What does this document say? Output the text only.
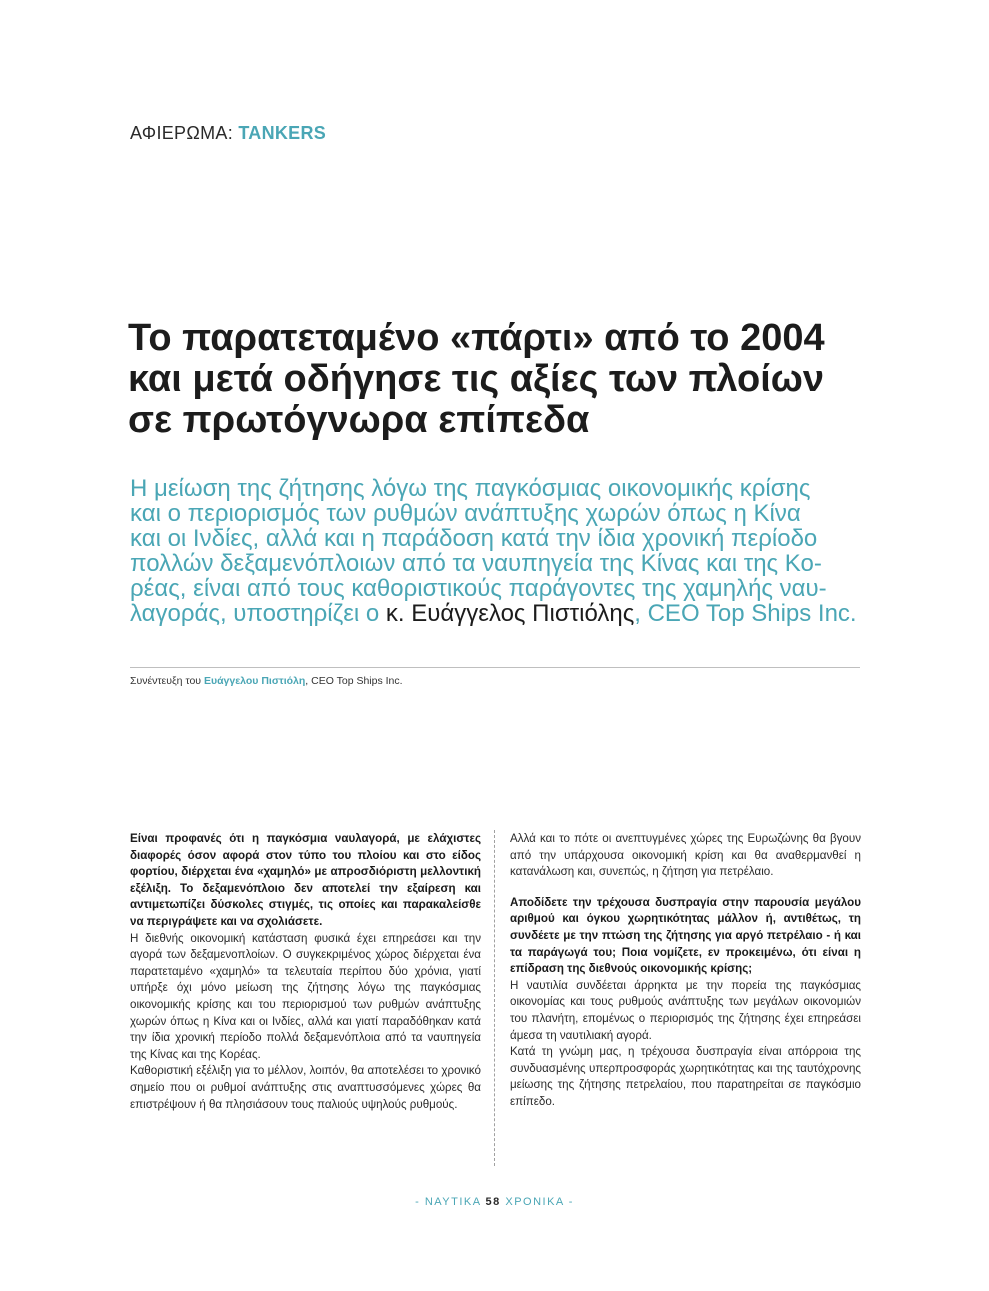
ΑΦΙΕΡΩΜΑ: TANKERS
Το παρατεταμένο «πάρτι» από το 2004
και μετά οδήγησε τις αξίες των πλοίων
σε πρωτόγνωρα επίπεδα
Η μείωση της ζήτησης λόγω της παγκόσμιας οικονομικής κρίσης
και ο περιορισμός των ρυθμών ανάπτυξης χωρών όπως η Κίνα
και οι Ινδίες, αλλά και η παράδοση κατά την ίδια χρονική περίοδο
πολλών δεξαμενόπλοιων από τα ναυπηγεία της Κίνας και της Κο-
ρέας, είναι από τους καθοριστικούς παράγοντες της χαμηλής ναυ-
λαγοράς, υποστηρίζει ο κ. Ευάγγελος Πιστιόλης, CEO Top Ships Inc.
Συνέντευξη του Ευάγγελου Πιστιόλη, CEO Top Ships Inc.

Είναι προφανές ότι η παγκόσμια ναυλαγορά, με ελάχιστες διαφορές όσον αφορά στον τύπο του πλοίου και στο είδος φορτίου, διέρχεται ένα «χαμηλό» με απροσδιόριστη μελλοντική εξέλιξη. Το δεξαμενόπλοιο δεν αποτελεί την εξαίρεση και αντιμετωπίζει δύσκολες στιγμές, τις οποίες και παρακαλείσθε να περιγράψετε και να σχολιάσετε.

Η διεθνής οικονομική κατάσταση φυσικά έχει επηρεάσει και την αγορά των δεξαμενοπλοίων. Ο συγκεκριμένος χώρος διέρχεται ένα παρατεταμένο «χαμηλό» τα τελευταία περίπου δύο χρόνια, γιατί υπήρξε όχι μόνο μείωση της ζήτησης λόγω της παγκόσμιας οικονομικής κρίσης και του περιορισμού των ρυθμών ανάπτυξης χωρών όπως η Κίνα και οι Ινδίες, αλλά και γιατί παραδόθηκαν κατά την ίδια χρονική περίοδο πολλά δεξαμενόπλοια από τα ναυπηγεία της Κίνας και της Κορέας.

Καθοριστική εξέλιξη για το μέλλον, λοιπόν, θα αποτελέσει το χρονικό σημείο που οι ρυθμοί ανάπτυξης στις αναπτυσσόμενες χώρες θα επιστρέψουν ή θα πλησιάσουν τους παλιούς υψηλούς ρυθμούς.

Αλλά και το πότε οι ανεπτυγμένες χώρες της Ευρωζώνης θα βγουν από την υπάρχουσα οικονομική κρίση και θα αναθερμανθεί η κατανάλωση και, συνεπώς, η ζήτηση για πετρέλαιο.

Αποδίδετε την τρέχουσα δυσπραγία στην παρουσία μεγάλου αριθμού και όγκου χωρητικότητας μάλλον ή, αντιθέτως, τη συνδέετε με την πτώση της ζήτησης για αργό πετρέλαιο - ή και τα παράγωγά του; Ποια νομίζετε, εν προκειμένω, ότι είναι η επίδραση της διεθνούς οικονομικής κρίσης;

Η ναυτιλία συνδέεται άρρηκτα με την πορεία της παγκόσμιας οικονομίας και τους ρυθμούς ανάπτυξης των μεγάλων οικονομιών του πλανήτη, επομένως ο περιορισμός της ζήτησης έχει επηρεάσει άμεσα τη ναυτιλιακή αγορά.

Κατά τη γνώμη μας, η τρέχουσα δυσπραγία είναι απόρροια της συνδυασμένης υπερπροσφοράς χωρητικότητας και της ταυτόχρονης μείωσης της ζήτησης πετρελαίου, που παρατηρείται σε παγκόσμιο επίπεδο.

- ΝΑΥΤΙΚΑ 58 ΧΡΟΝΙΚΑ -
